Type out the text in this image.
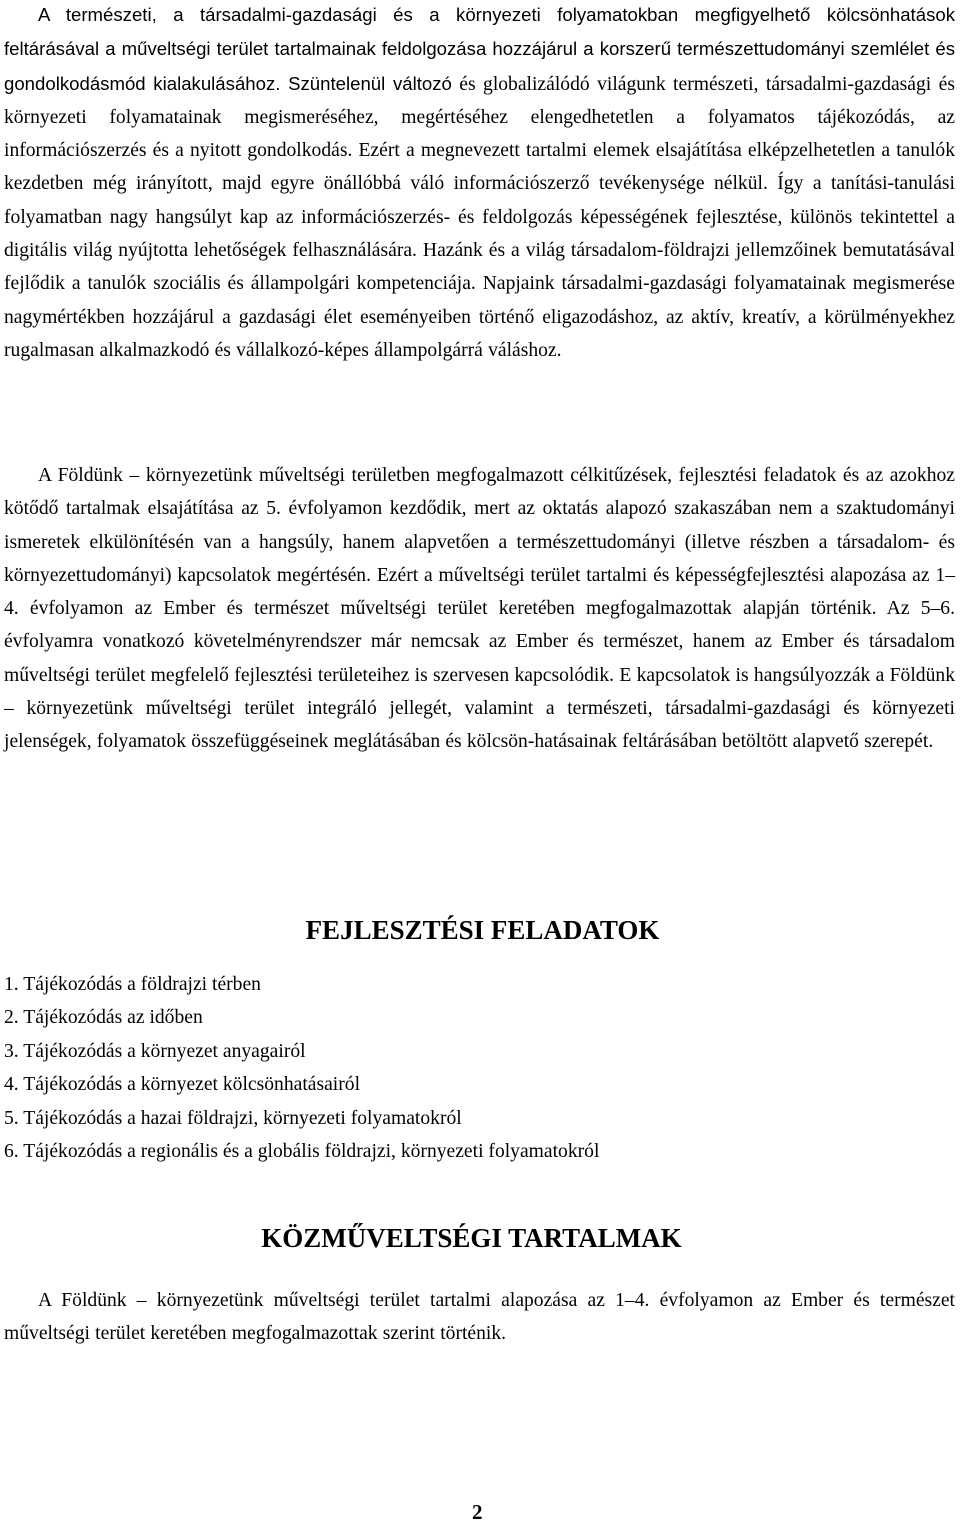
A természeti, a társadalmi-gazdasági és a környezeti folyamatokban megfigyelhető kölcsönhatások feltárásával a műveltségi terület tartalmainak feldolgozása hozzájárul a korszerű természettudományi szemlélet és gondolkodásmód kialakulásához. Szüntelenül változó és globalizálódó világunk természeti, társadalmi-gazdasági és környezeti folyamatainak megismeréséhez, megértéséhez elengedhetetlen a folyamatos tájékozódás, az információszerzés és a nyitott gondolkodás. Ezért a megnevezett tartalmi elemek elsajátítása elképzelhetetlen a tanulók kezdetben még irányított, majd egyre önállóbbá váló információszerző tevékenysége nélkül. Így a tanítási-tanulási folyamatban nagy hangsúlyt kap az információszerzés- és feldolgozás képességének fejlesztése, különös tekintettel a digitális világ nyújtotta lehetőségek felhasználására. Hazánk és a világ társadalom-földrajzi jellemzőinek bemutatásával fejlődik a tanulók szociális és állampolgári kompetenciája. Napjaink társadalmi-gazdasági folyamatainak megismerése nagymértékben hozzájárul a gazdasági élet eseményeiben történő eligazodáshoz, az aktív, kreatív, a körülményekhez rugalmasan alkalmazkodó és vállalkozó-képes állampolgárrá váláshoz.

A Földünk – környezetünk műveltségi területben megfogalmazott célkitűzések, fejlesztési feladatok és az azokhoz kötődő tartalmak elsajátítása az 5. évfolyamon kezdődik, mert az oktatás alapozó szakaszában nem a szaktudományi ismeretek elkülönítésén van a hangsúly, hanem alapvetően a természettudományi (illetve részben a társadalom- és környezettudományi) kapcsolatok megértésén. Ezért a műveltségi terület tartalmi és képességfejlesztési alapozása az 1–4. évfolyamon az Ember és természet műveltségi terület keretében megfogalmazottak alapján történik. Az 5–6. évfolyamra vonatkozó követelményrendszer már nemcsak az Ember és természet, hanem az Ember és társadalom műveltségi terület megfelelő fejlesztési területeihez is szervesen kapcsolódik. E kapcsolatok is hangsúlyozzák a Földünk – környezetünk műveltségi terület integráló jellegét, valamint a természeti, társadalmi-gazdasági és környezeti jelenségek, folyamatok összefüggéseinek meglátásában és kölcsön-hatásainak feltárásában betöltött alapvető szerepét.

FEJLESZTÉSI FELADATOK
1. Tájékozódás a földrajzi térben
2. Tájékozódás az időben
3. Tájékozódás a környezet anyagairól
4. Tájékozódás a környezet kölcsönhatásairól
5. Tájékozódás a hazai földrajzi, környezeti folyamatokról
6. Tájékozódás a regionális és a globális földrajzi, környezeti folyamatokról
KÖZMŰVELTSÉGI TARTALMAK

A Földünk – környezetünk műveltségi terület tartalmi alapozása az 1–4. évfolyamon az Ember és természet műveltségi terület keretében megfogalmazottak szerint történik.

2
